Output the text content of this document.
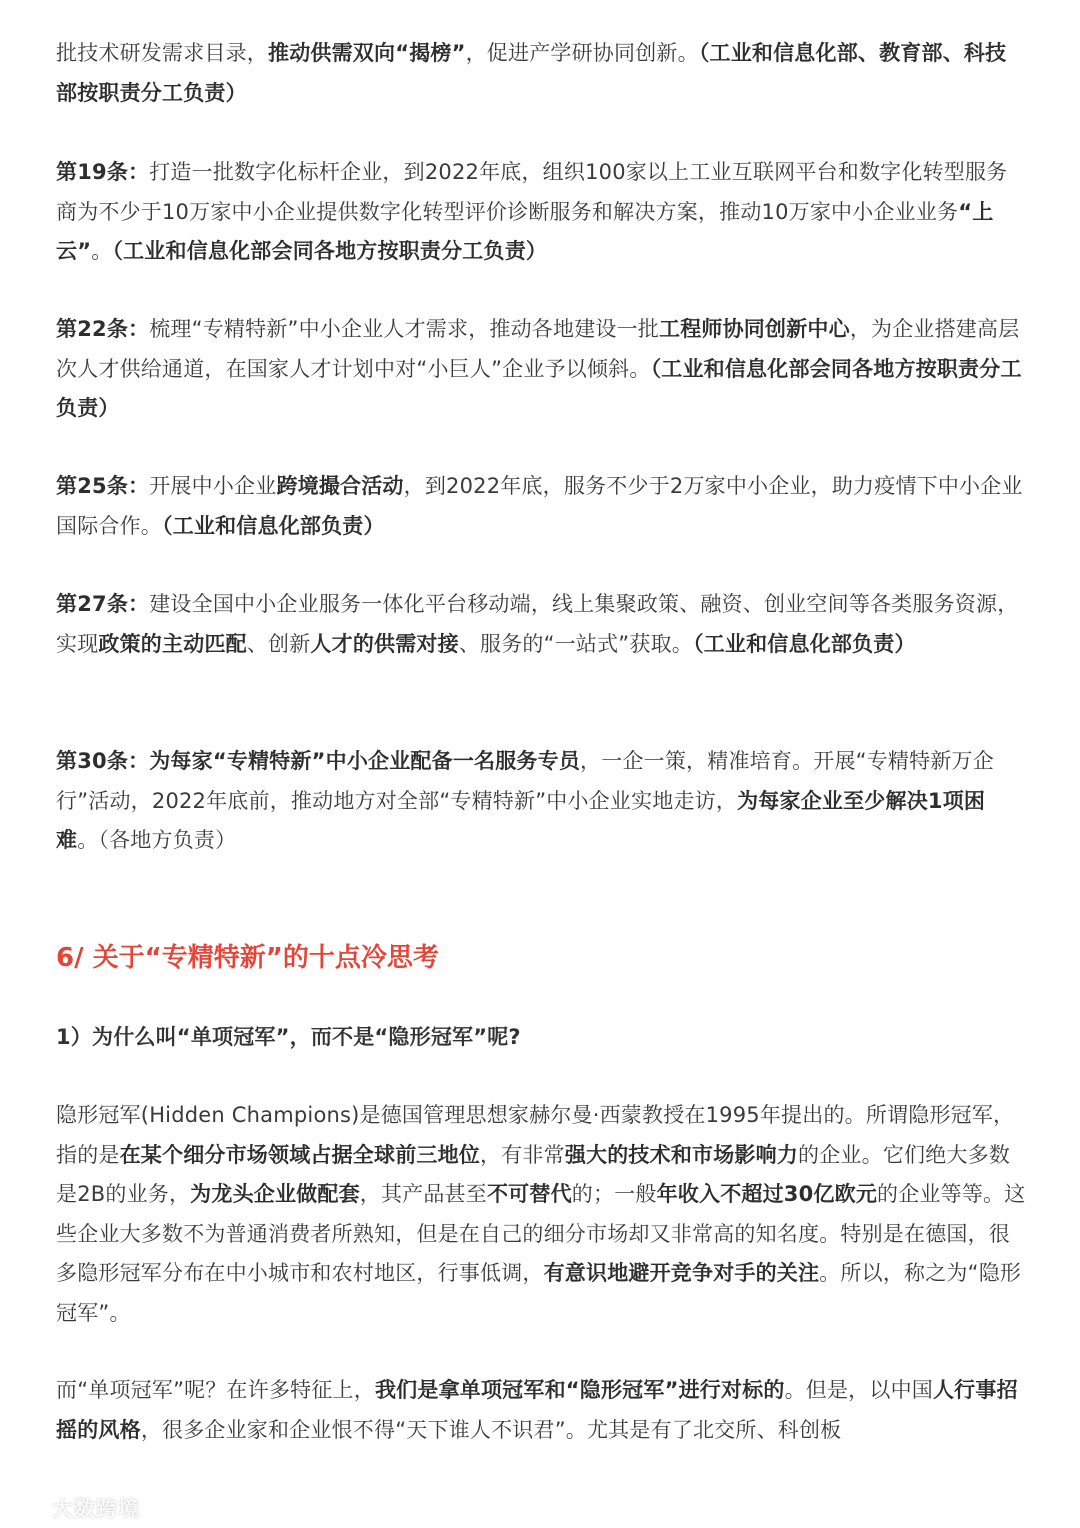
批技术研发需求目录，推动供需双向“揭榜”，促进产学研协同创新。（工业和信息化部、教育部、科技部按职责分工负责）

第19条：打造一批数字化标杆企业，到2022年底，组织100家以上工业互联网平台和数字化转型服务商为不少于10万家中小企业提供数字化转型评价诊断服务和解决方案，推动10万家中小企业业务“上云”。（工业和信息化部会同各地方按职责分工负责）

第22条：梳理“专精特新”中小企业人才需求，推动各地建设一批工程师协同创新中心，为企业搭建高层次人才供给通道，在国家人才计划中对“小巨人”企业予以倾斜。（工业和信息化部会同各地方按职责分工负责）

第25条：开展中小企业跨境撮合活动，到2022年底，服务不少于2万家中小企业，助力疫情下中小企业国际合作。（工业和信息化部负责）

第27条：建设全国中小企业服务一体化平台移动端，线上集聚政策、融资、创业空间等各类服务资源，实现政策的主动匹配、创新人才的供需对接、服务的“一站式”获取。（工业和信息化部负责）

第30条：为每家“专精特新”中小企业配备一名服务专员，一企一策，精准培育。开展“专精特新万企行”活动，2022年底前，推动地方对全部“专精特新”中小企业实地走访，为每家企业至少解决1项困难。（各地方负责）

6/ 关于“专精特新”的十点冷思考
1）为什么叫“单项冠军”，而不是“隐形冠军”呢?

隐形冠军(Hidden Champions)是德国管理思想家赫尔曼·西蒙教授在1995年提出的。所谓隐形冠军，指的是在某个细分市场领域占据全球前三地位，有非常强大的技术和市场影响力的企业。它们绝大多数是2B的业务，为龙头企业做配套，其产品甚至不可替代的；一般年收入不超过30亿欧元的企业等等。这些企业大多数不为普通消费者所熟知，但是在自己的细分市场却又非常高的知名度。特别是在德国，很多隐形冠军分布在中小城市和农村地区，行事低调，有意识地避开竞争对手的关注。所以，称之为“隐形冠军”。

而“单项冠军”呢？在许多特征上，我们是拿单项冠军和“隐形冠军”进行对标的。但是，以中国人行事招摇的风格，很多企业家和企业恨不得“天下谁人不识君”。尤其是有了北交所、科创板

大数跨境
